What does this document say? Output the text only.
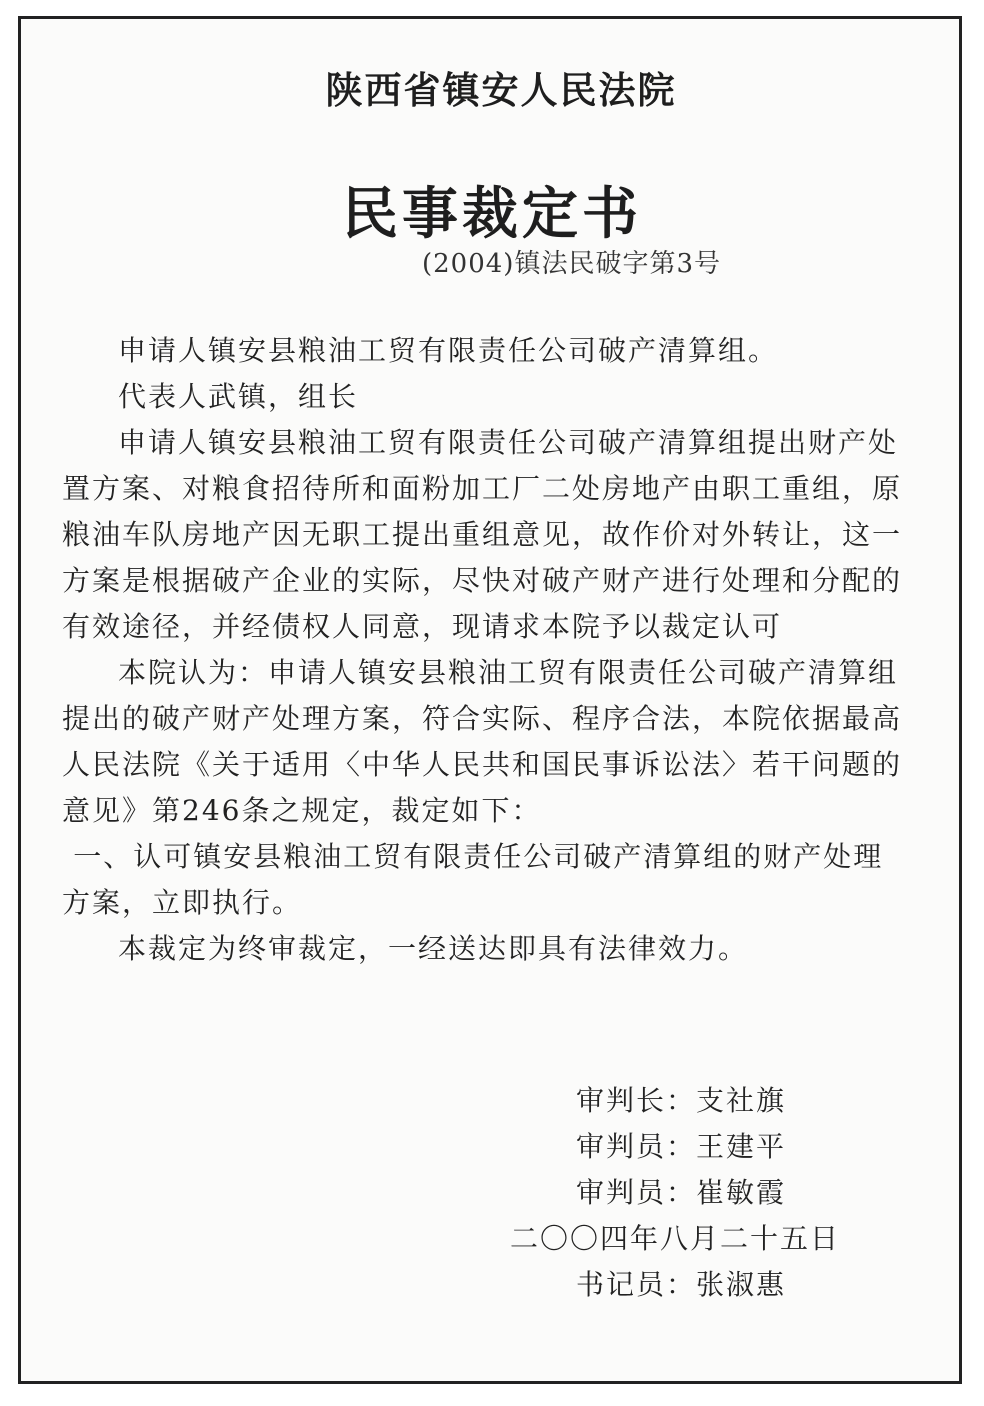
陕西省镇安人民法院
民事裁定书
(2004)镇法民破字第3号

申请人镇安县粮油工贸有限责任公司破产清算组。

代表人武镇，组长

申请人镇安县粮油工贸有限责任公司破产清算组提出财产处置方案、对粮食招待所和面粉加工厂二处房地产由职工重组，原粮油车队房地产因无职工提出重组意见，故作价对外转让，这一方案是根据破产企业的实际，尽快对破产财产进行处理和分配的有效途径，并经债权人同意，现请求本院予以裁定认可

本院认为：申请人镇安县粮油工贸有限责任公司破产清算组提出的破产财产处理方案，符合实际、程序合法，本院依据最高人民法院《关于适用〈中华人民共和国民事诉讼法〉若干问题的意见》第246条之规定，裁定如下：

一、认可镇安县粮油工贸有限责任公司破产清算组的财产处理方案，立即执行。

本裁定为终审裁定，一经送达即具有法律效力。

审判长：支社旗
审判员：王建平
审判员：崔敏霞
二〇〇四年八月二十五日
书记员：张淑惠
